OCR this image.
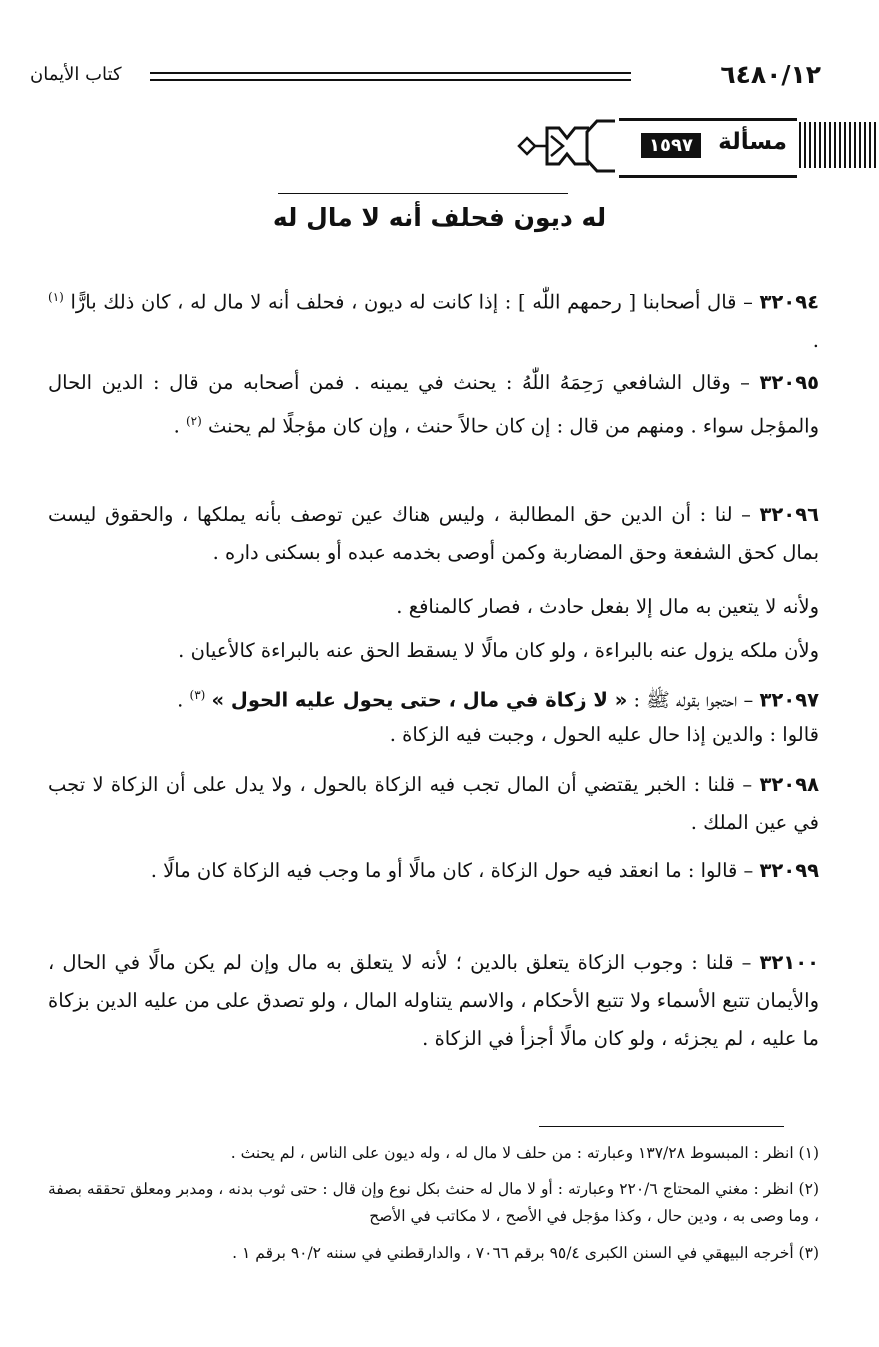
٦٤٨٠/١٢
كتاب الأيمان
مسألة
١٥٩٧
له ديون فحلف أنه لا مال له
٣٢٠٩٤ – قال أصحابنا [ رحمهم اللّٰه ] : إذا كانت له ديون ، فحلف أنه لا مال له ، كان ذلك بارًّا $^{(١)}$ .
٣٢٠٩٥ – وقال الشافعي رَحِمَهُ اللّٰهُ : يحنث في يمينه . فمن أصحابه من قال : الدين الحال والمؤجل سواء . ومنهم من قال : إن كان حالاً حنث ، وإن كان مؤجلًا لم يحنث $^{(٢)}$ .
٣٢٠٩٦ – لنا : أن الدين حق المطالبة ، وليس هناك عين توصف بأنه يملكها ، والحقوق ليست بمال كحق الشفعة وحق المضاربة وكمن أوصى بخدمه عبده أو بسكنى داره .
ولأنه لا يتعين به مال إلا بفعل حادث ، فصار كالمنافع .
ولأن ملكه يزول عنه بالبراءة ، ولو كان مالًا لا يسقط الحق عنه بالبراءة كالأعيان .
٣٢٠٩٧ – احتجوا بقوله ﷺ : « لا زكاة في مال ، حتى يحول عليه الحول » $^{(٣)}$ .
قالوا : والدين إذا حال عليه الحول ، وجبت فيه الزكاة .
٣٢٠٩٨ – قلنا : الخبر يقتضي أن المال تجب فيه الزكاة بالحول ، ولا يدل على أن الزكاة لا تجب في عين الملك .
٣٢٠٩٩ – قالوا : ما انعقد فيه حول الزكاة ، كان مالًا أو ما وجب فيه الزكاة كان مالًا .
٣٢١٠٠ – قلنا : وجوب الزكاة يتعلق بالدين ؛ لأنه لا يتعلق به مال وإن لم يكن مالًا في الحال ، والأيمان تتبع الأسماء ولا تتبع الأحكام ، والاسم يتناوله المال ، ولو تصدق على من عليه الدين بزكاة ما عليه ، لم يجزئه ، ولو كان مالًا أجزأ في الزكاة .
(١) انظر : المبسوط ١٣٧/٢٨ وعبارته : من حلف لا مال له ، وله ديون على الناس ، لم يحنث .
(٢) انظر : مغني المحتاج ٢٢٠/٦ وعبارته : أو لا مال له حنث بكل نوع وإن قال : حتى ثوب بدنه ، ومدبر ومعلق تحققه بصفة ، وما وصى به ، ودين حال ، وكذا مؤجل في الأصح ، لا مكاتب في الأصح
(٣) أخرجه البيهقي في السنن الكبرى ٩٥/٤ برقم ٧٠٦٦ ، والدارقطني في سننه ٩٠/٢ برقم ١ .
